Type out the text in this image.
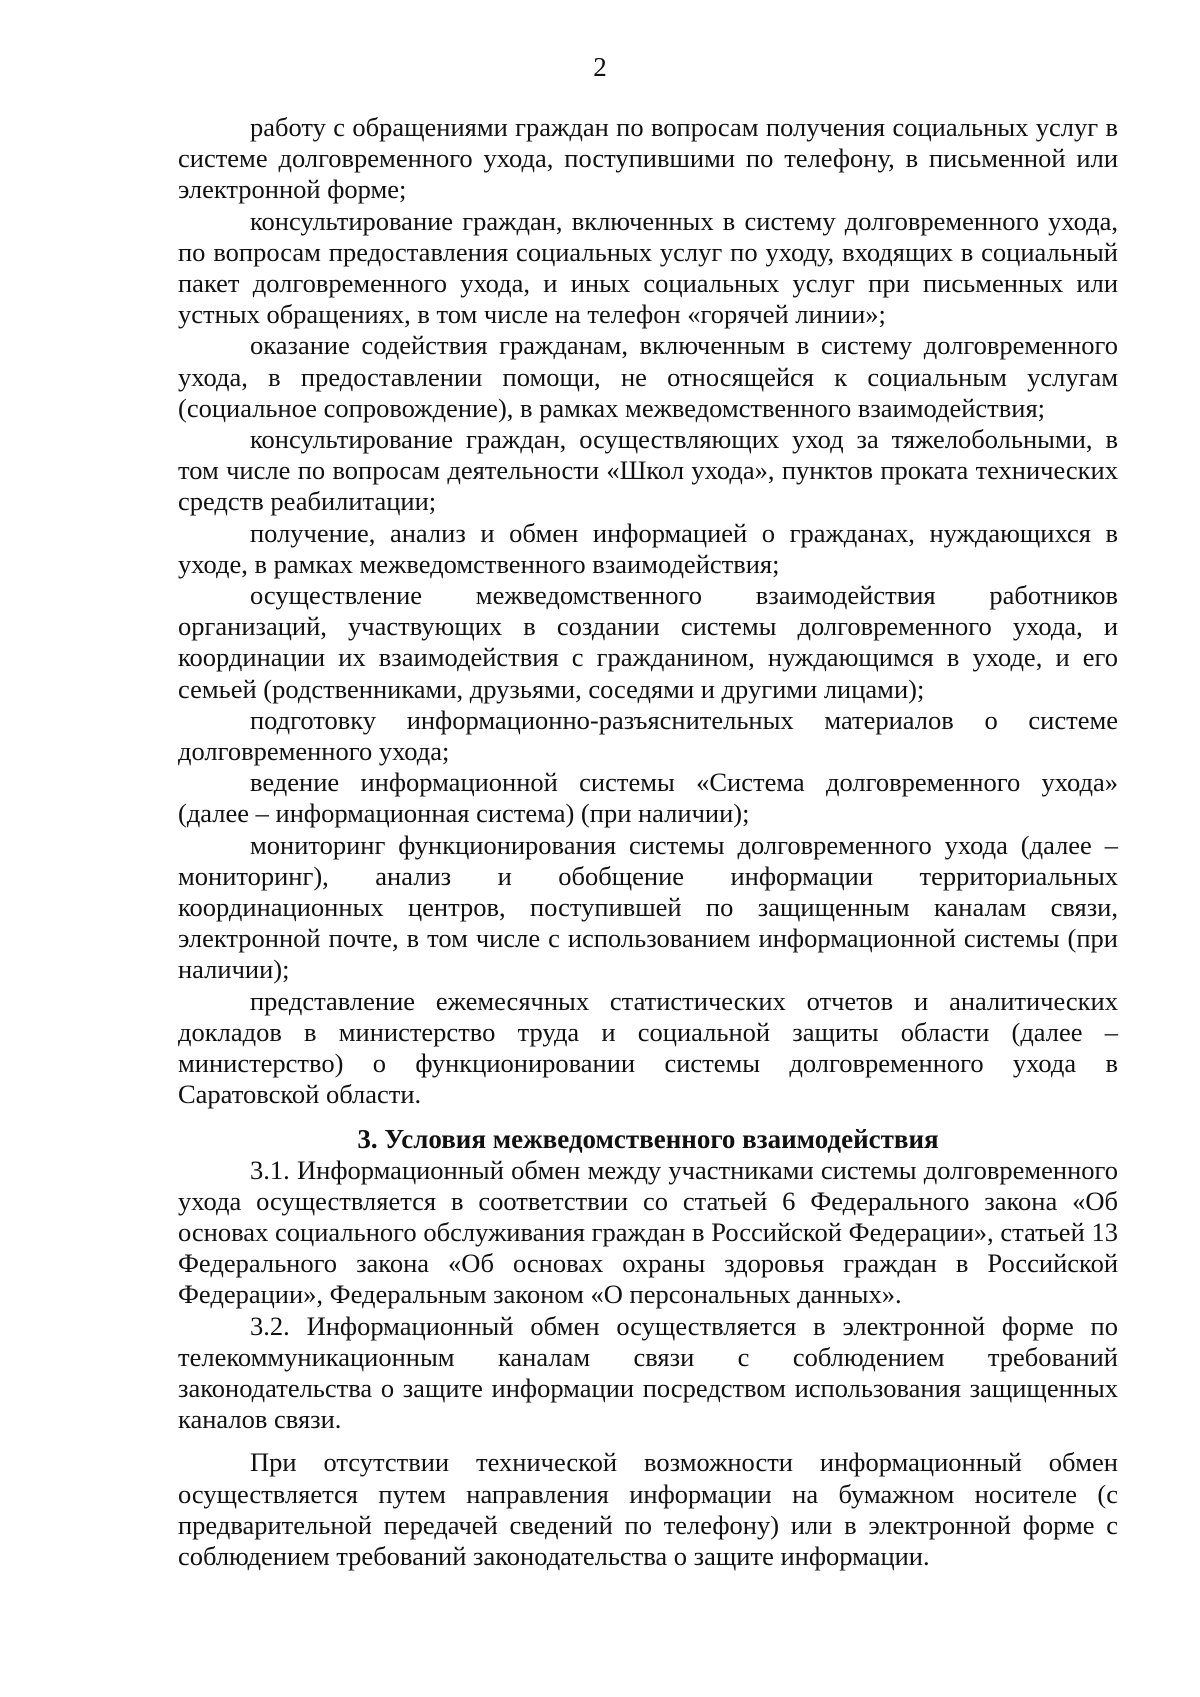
2

работу с обращениями граждан по вопросам получения социальных услуг в системе долговременного ухода, поступившими по телефону, в письменной или электронной форме;

консультирование граждан, включенных в систему долговременного ухода, по вопросам предоставления социальных услуг по уходу, входящих в социальный пакет долговременного ухода, и иных социальных услуг при письменных или устных обращениях, в том числе на телефон «горячей линии»;

оказание содействия гражданам, включенным в систему долговременного ухода, в предоставлении помощи, не относящейся к социальным услугам (социальное сопровождение), в рамках межведомственного взаимодействия;

консультирование граждан, осуществляющих уход за тяжелобольными, в том числе по вопросам деятельности «Школ ухода», пунктов проката технических средств реабилитации;

получение, анализ и обмен информацией о гражданах, нуждающихся в уходе, в рамках межведомственного взаимодействия;

осуществление межведомственного взаимодействия работников организаций, участвующих в создании системы долговременного ухода, и координации их взаимодействия с гражданином, нуждающимся в уходе, и его семьей (родственниками, друзьями, соседями и другими лицами);

подготовку информационно-разъяснительных материалов о системе долговременного ухода;

ведение информационной системы «Система долговременного ухода» (далее – информационная система) (при наличии);

мониторинг функционирования системы долговременного ухода (далее – мониторинг), анализ и обобщение информации территориальных координационных центров, поступившей по защищенным каналам связи, электронной почте, в том числе с использованием информационной системы (при наличии);

представление ежемесячных статистических отчетов и аналитических докладов в министерство труда и социальной защиты области (далее – министерство) о функционировании системы долговременного ухода в Саратовской области.

3. Условия межведомственного взаимодействия

3.1. Информационный обмен между участниками системы долговременного ухода осуществляется в соответствии со статьей 6 Федерального закона «Об основах социального обслуживания граждан в Российской Федерации», статьей 13 Федерального закона «Об основах охраны здоровья граждан в Российской Федерации», Федеральным законом «О персональных данных».

3.2. Информационный обмен осуществляется в электронной форме по телекоммуникационным каналам связи с соблюдением требований законодательства о защите информации посредством использования защищенных каналов связи.

При отсутствии технической возможности информационный обмен осуществляется путем направления информации на бумажном носителе (с предварительной передачей сведений по телефону) или в электронной форме с соблюдением требований законодательства о защите информации.
